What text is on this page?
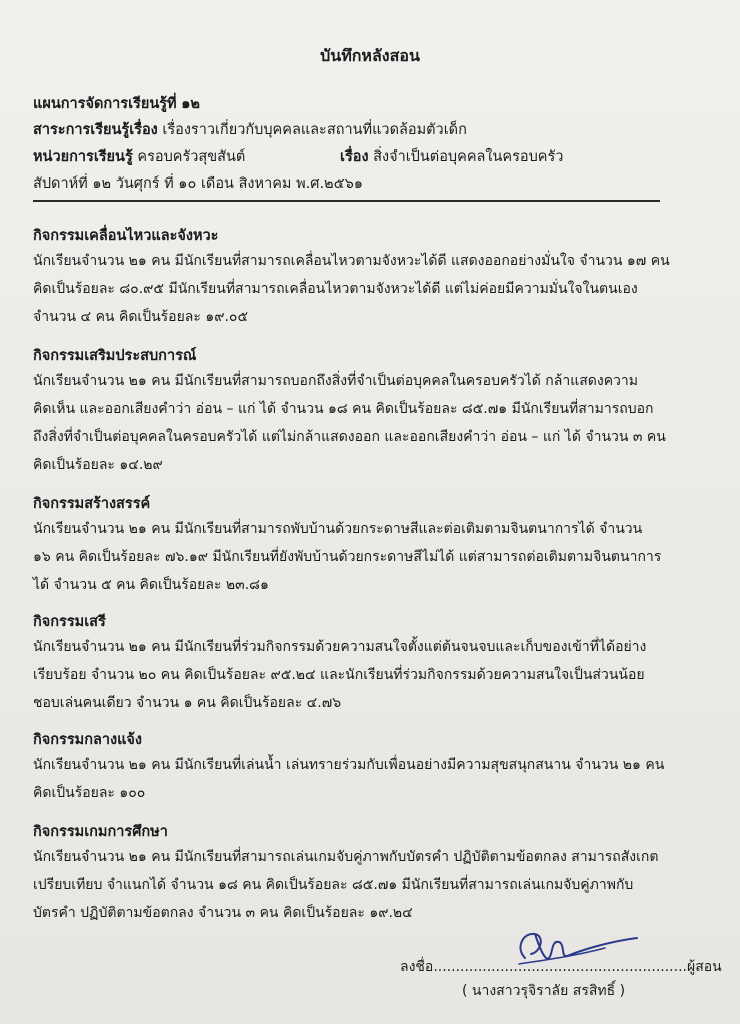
บันทึกหลังสอน
แผนการจัดการเรียนรู้ที่ ๑๒
สาระการเรียนรู้เรื่อง เรื่องราวเกี่ยวกับบุคคลและสถานที่แวดล้อมตัวเด็ก
หน่วยการเรียนรู้ ครอบครัวสุขสันต์	เรื่อง สิ่งจำเป็นต่อบุคคลในครอบครัว
สัปดาห์ที่ ๑๒ วันศุกร์ ที่ ๑๐ เดือน สิงหาคม พ.ศ.๒๕๖๑
กิจกรรมเคลื่อนไหวและจังหวะ
นักเรียนจำนวน ๒๑ คน มีนักเรียนที่สามารถเคลื่อนไหวตามจังหวะได้ดี แสดงออกอย่างมั่นใจ จำนวน ๑๗ คน
คิดเป็นร้อยละ ๘๐.๙๕ มีนักเรียนที่สามารถเคลื่อนไหวตามจังหวะได้ดี แต่ไม่ค่อยมีความมั่นใจในตนเอง
จำนวน ๔ คน คิดเป็นร้อยละ ๑๙.๐๕
กิจกรรมเสริมประสบการณ์
นักเรียนจำนวน ๒๑ คน มีนักเรียนที่สามารถบอกถึงสิ่งที่จำเป็นต่อบุคคลในครอบครัวได้ กล้าแสดงความ
คิดเห็น และออกเสียงคำว่า อ่อน – แก่ ได้ จำนวน ๑๘ คน คิดเป็นร้อยละ ๘๕.๗๑ มีนักเรียนที่สามารถบอก
ถึงสิ่งที่จำเป็นต่อบุคคลในครอบครัวได้ แต่ไม่กล้าแสดงออก และออกเสียงคำว่า อ่อน – แก่ ได้ จำนวน ๓ คน
คิดเป็นร้อยละ ๑๔.๒๙
กิจกรรมสร้างสรรค์
นักเรียนจำนวน ๒๑ คน มีนักเรียนที่สามารถพับบ้านด้วยกระดาษสีและต่อเติมตามจินตนาการได้ จำนวน
๑๖ คน คิดเป็นร้อยละ ๗๖.๑๙ มีนักเรียนที่ยังพับบ้านด้วยกระดาษสีไม่ได้ แต่สามารถต่อเติมตามจินตนาการ
ได้ จำนวน ๕ คน คิดเป็นร้อยละ ๒๓.๘๑
กิจกรรมเสรี
นักเรียนจำนวน ๒๑ คน มีนักเรียนที่ร่วมกิจกรรมด้วยความสนใจตั้งแต่ต้นจนจบและเก็บของเข้าที่ได้อย่าง
เรียบร้อย จำนวน ๒๐ คน คิดเป็นร้อยละ ๙๕.๒๔ และนักเรียนที่ร่วมกิจกรรมด้วยความสนใจเป็นส่วนน้อย
ชอบเล่นคนเดียว จำนวน ๑ คน คิดเป็นร้อยละ ๔.๗๖
กิจกรรมกลางแจ้ง
นักเรียนจำนวน ๒๑ คน มีนักเรียนที่เล่นน้ำ เล่นทรายร่วมกับเพื่อนอย่างมีความสุขสนุกสนาน จำนวน ๒๑ คน
คิดเป็นร้อยละ ๑๐๐
กิจกรรมเกมการศึกษา
นักเรียนจำนวน ๒๑ คน มีนักเรียนที่สามารถเล่นเกมจับคู่ภาพกับบัตรคำ ปฏิบัติตามข้อตกลง สามารถสังเกต
เปรียบเทียบ จำแนกได้ จำนวน ๑๘ คน คิดเป็นร้อยละ ๘๕.๗๑ มีนักเรียนที่สามารถเล่นเกมจับคู่ภาพกับ
บัตรคำ ปฏิบัติตามข้อตกลง จำนวน ๓ คน คิดเป็นร้อยละ ๑๙.๒๔
ลงชื่อ.........................................................ผู้สอน
( นางสาวรุจิราลัย สรสิทธิ์ )
